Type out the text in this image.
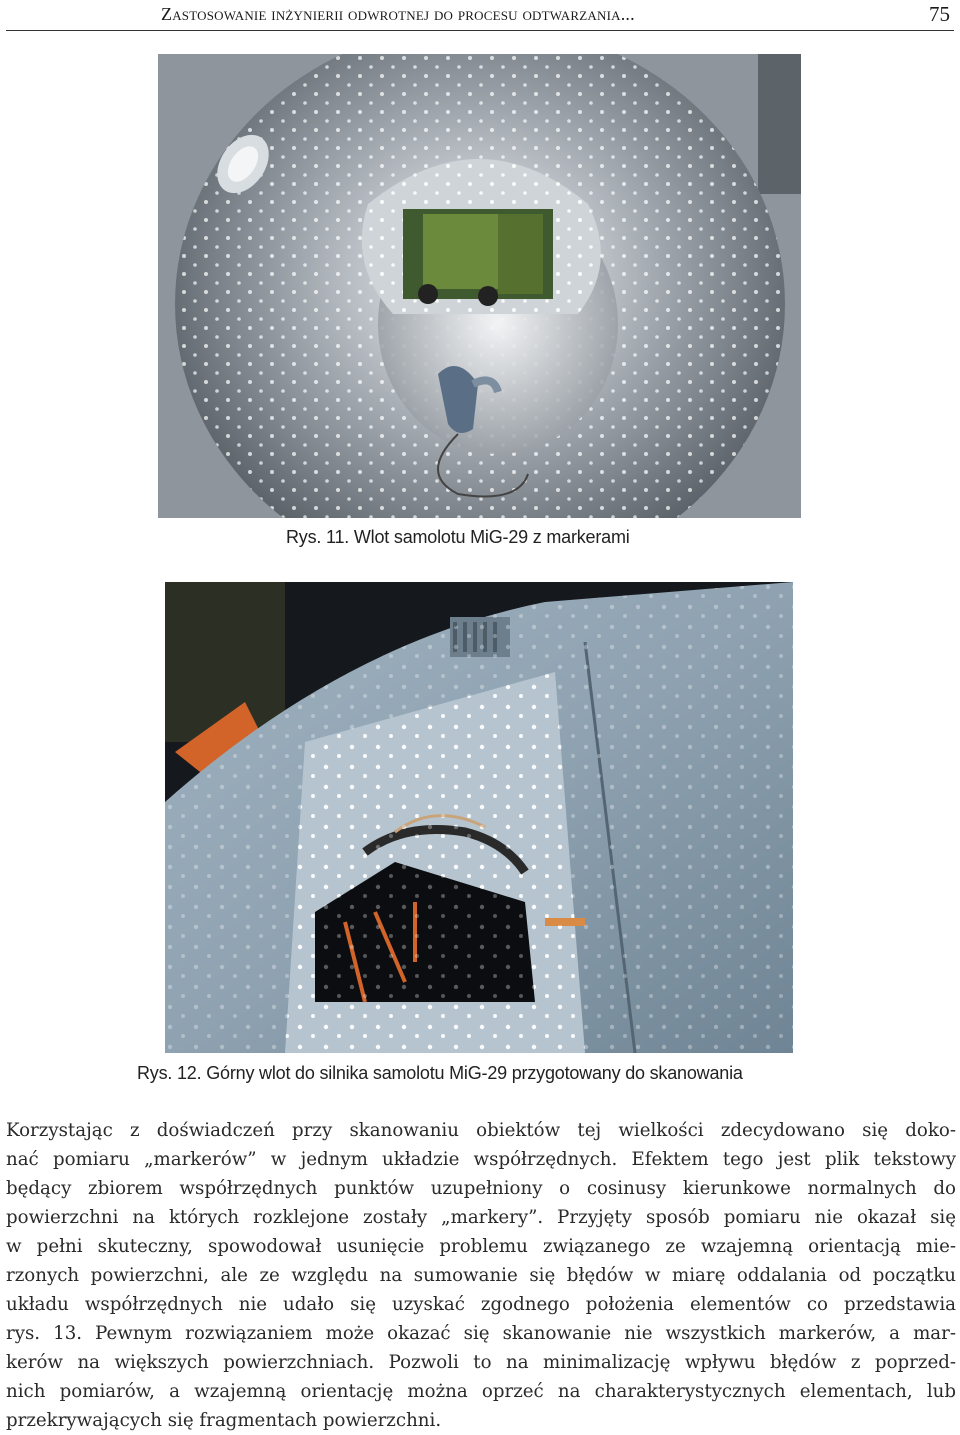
Zastosowanie inżynierii odwrotnej do procesu odtwarzania...	75
Rys. 11. Wlot samolotu MiG-29 z markerami
Rys. 12. Górny wlot do silnika samolotu MiG-29 przygotowany do skanowania
Korzystając z doświadczeń przy skanowaniu obiektów tej wielkości zdecydowano się doko-
nać pomiaru „markerów” w jednym układzie współrzędnych. Efektem tego jest plik tekstowy
będący zbiorem współrzędnych punktów uzupełniony o cosinusy kierunkowe normalnych do
powierzchni na których rozklejone zostały „markery”. Przyjęty sposób pomiaru nie okazał się
w pełni skuteczny, spowodował usunięcie problemu związanego ze wzajemną orientacją mie-
rzonych powierzchni, ale ze względu na sumowanie się błędów w miarę oddalania od początku
układu współrzędnych nie udało się uzyskać zgodnego położenia elementów co przedstawia
rys. 13. Pewnym rozwiązaniem może okazać się skanowanie nie wszystkich markerów, a mar-
kerów na większych powierzchniach. Pozwoli to na minimalizację wpływu błędów z poprzed-
nich pomiarów, a wzajemną orientację można oprzeć na charakterystycznych elementach, lub
przekrywających się fragmentach powierzchni.
